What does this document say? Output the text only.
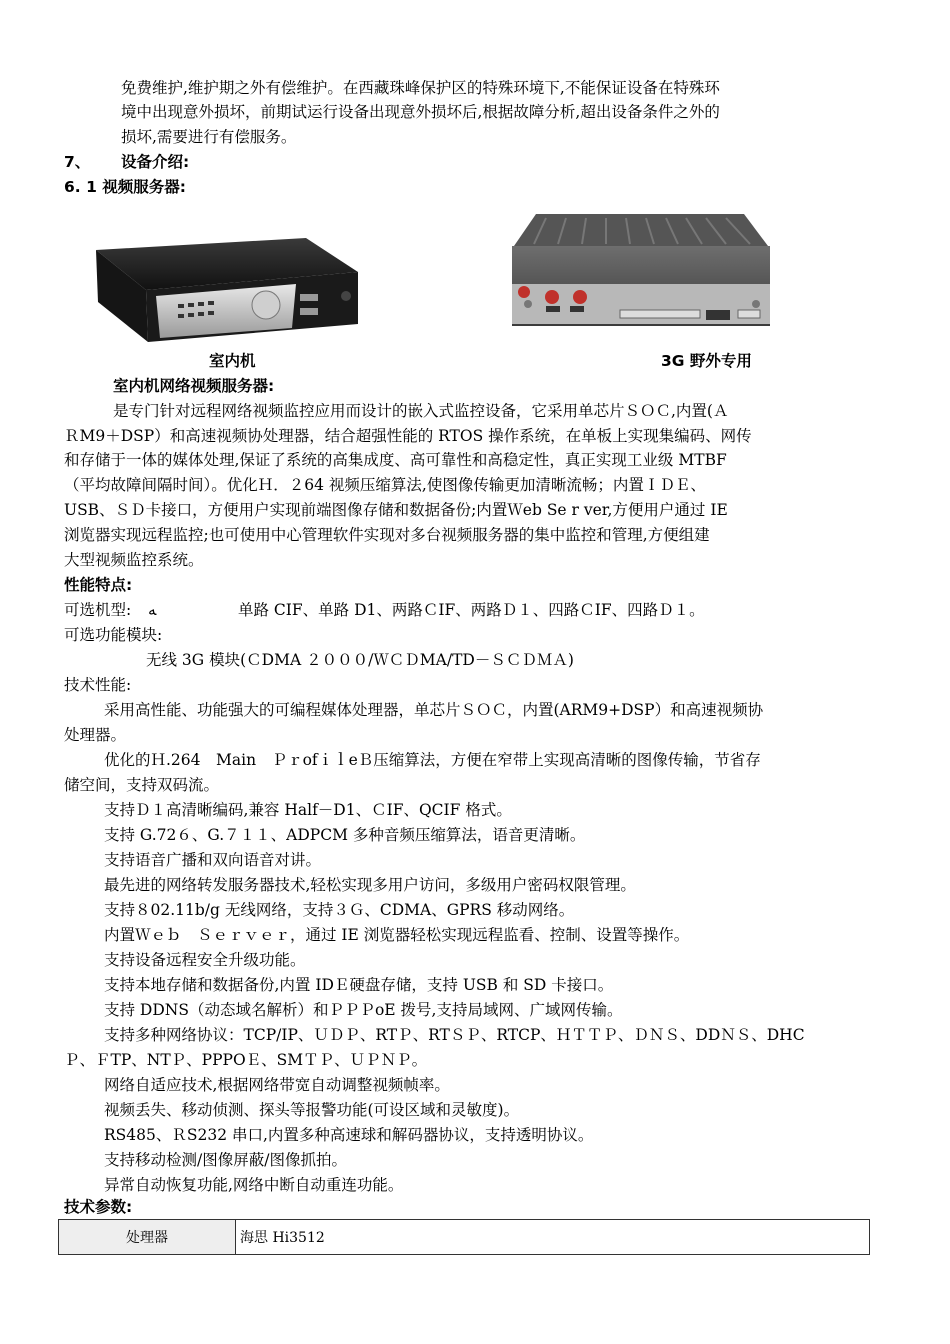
免费维护,维护期之外有偿维护。在西藏珠峰保护区的特殊环境下,不能保证设备在特殊环
境中出现意外损坏，前期试运行设备出现意外损坏后,根据故障分析,超出设备条件之外的
损坏,需要进行有偿服务。
7、 设备介绍:
6. 1 视频服务器:
室内机	3G 野外专用
室内机网络视频服务器:
是专门针对远程网络视频监控应用而设计的嵌入式监控设备，它采用单芯片ＳＯＣ,内置(Ａ
ＲM9＋DSP）和高速视频协处理器，结合超强性能的 RTOS 操作系统，在单板上实现集编码、网传
和存储于一体的媒体处理,保证了系统的高集成度、高可靠性和高稳定性，真正实现工业级 MTBF
（平均故障间隔时间）。优化Ｈ．２64 视频压缩算法,使图像传输更加清晰流畅；内置ＩＤＥ、
USB、ＳＤ卡接口，方便用户实现前端图像存储和数据备份;内置Ｗeb Se r ver,方便用户通过 IE
浏览器实现远程监控;也可使用中心管理软件实现对多台视频服务器的集中监控和管理,方便组建
大型视频监控系统。
性能特点:
可选机型: ﻪ	单路 CIF、单路 D1、两路ＣIF、两路Ｄ１、四路ＣIF、四路Ｄ１。
可选功能模块:
无线 3G 模块(ＣDMA ２０００/ＷＣＤMA/TD－ＳＣＤＭＡ)
技术性能:
采用高性能、功能强大的可编程媒体处理器，单芯片ＳＯＣ，内置(ARM9+DSP）和高速视频协
处理器。
优化的Ｈ.264　Main　ＰｒofｉｌeＢ压缩算法，方便在窄带上实现高清晰的图像传输，节省存
储空间，支持双码流。
支持Ｄ１高清晰编码,兼容 Half－D1、ＣIF、QCIF 格式。
支持 G.72６、G.７１１、ADPCM 多种音频压缩算法，语音更清晰。
支持语音广播和双向语音对讲。
最先进的网络转发服务器技术,轻松实现多用户访问，多级用户密码权限管理。
支持８02.11b/g 无线网络，支持３Ｇ、CDMA、GPRS 移动网络。
内置Ｗｅｂ　Ｓｅｒｖｅｒ，通过 IE 浏览器轻松实现远程监看、控制、设置等操作。
支持设备远程安全升级功能。
支持本地存储和数据备份,内置 IDＥ硬盘存储，支持 USB 和 SD 卡接口。
支持 DDNS（动态域名解析）和ＰＰＰoE 拨号,支持局域网、广域网传输。
支持多种网络协议：TCP/IP、ＵＤＰ、RTＰ、RTＳＰ、RTCP、ＨＴＴＰ、ＤＮＳ、DDＮＳ、DHC
Ｐ、ＦTP、NTＰ、PPPOＥ、SMＴＰ、ＵＰＮＰ。
网络自适应技术,根据网络带宽自动调整视频帧率。
视频丢失、移动侦测、探头等报警功能(可设区域和灵敏度)。
RS485、ＲS232 串口,内置多种高速球和解码器协议，支持透明协议。
支持移动检测/图像屏蔽/图像抓拍。
异常自动恢复功能,网络中断自动重连功能。
技术参数:
处理器	海思 Hi3512
